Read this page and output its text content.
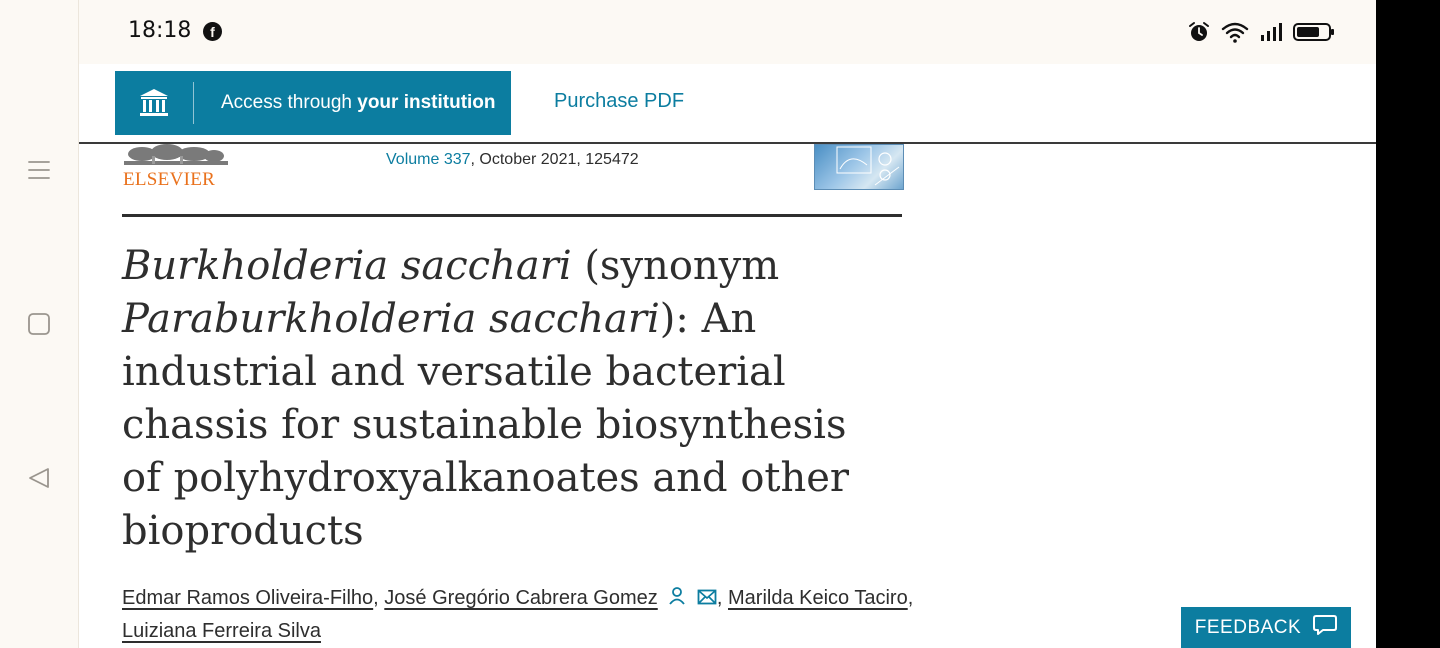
18:18	f
Access through your institution	Purchase PDF
ELSEVIER
Volume 337, October 2021, 125472
Burkholderia sacchari (synonym Paraburkholderia sacchari): An industrial and versatile bacterial chassis for sustainable biosynthesis of polyhydroxyalkanoates and other bioproducts
Edmar Ramos Oliveira-Filho, José Gregório Cabrera Gomez	, Marilda Keico Taciro,
Luiziana Ferreira Silva	FEEDBACK
